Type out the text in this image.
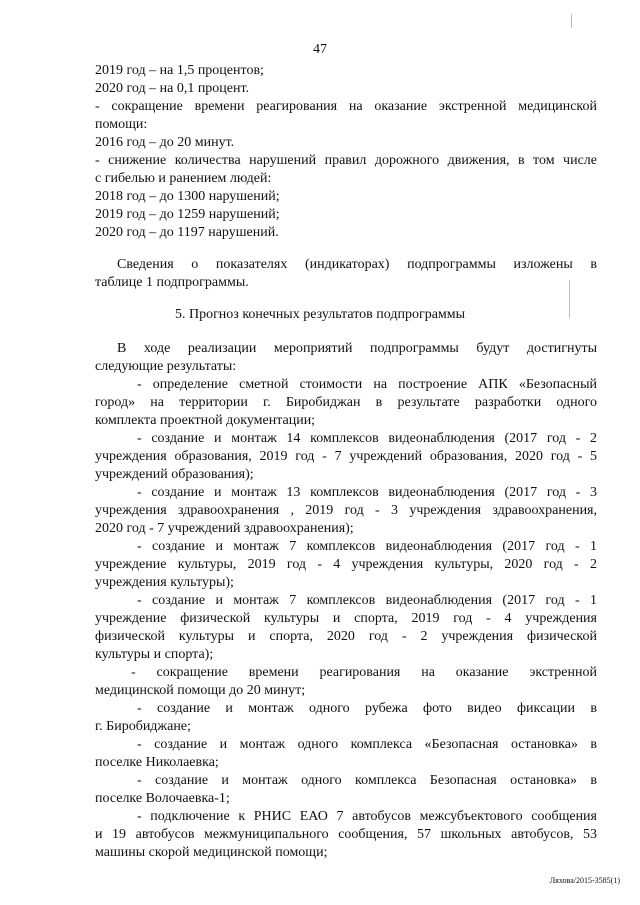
47
2019 год – на 1,5 процентов;
2020 год – на 0,1 процент.
- сокращение времени реагирования на оказание экстренной медицинской
помощи:
2016 год – до 20 минут.
- снижение количества нарушений правил дорожного движения, в том числе
с гибелью и ранением людей:
2018 год – до 1300 нарушений;
2019 год – до 1259 нарушений;
2020 год – до 1197 нарушений.
Сведения о показателях (индикаторах) подпрограммы изложены в
таблице 1 подпрограммы.
5. Прогноз конечных результатов подпрограммы
В ходе реализации мероприятий подпрограммы будут достигнуты
следующие результаты:
- определение сметной стоимости на построение АПК «Безопасный
город» на территории г. Биробиджан в результате разработки одного
комплекта проектной документации;
- создание и монтаж 14 комплексов видеонаблюдения (2017 год - 2
учреждения образования, 2019 год - 7 учреждений образования, 2020 год - 5
учреждений образования);
- создание и монтаж 13 комплексов видеонаблюдения (2017 год - 3
учреждения здравоохранения , 2019 год - 3 учреждения здравоохранения,
2020 год - 7 учреждений здравоохранения);
- создание и монтаж 7 комплексов видеонаблюдения (2017 год - 1
учреждение культуры, 2019 год - 4 учреждения культуры, 2020 год - 2
учреждения культуры);
- создание и монтаж 7 комплексов видеонаблюдения (2017 год - 1
учреждение физической культуры и спорта, 2019 год - 4 учреждения
физической культуры и спорта, 2020 год - 2 учреждения физической
культуры и спорта);
- сокращение времени реагирования на оказание экстренной
медицинской помощи до 20 минут;
- создание и монтаж одного рубежа фото видео фиксации в
г. Биробиджане;
- создание и монтаж одного комплекса «Безопасная остановка» в
поселке Николаевка;
- создание и монтаж одного комплекса Безопасная остановка» в
поселке Волочаевка-1;
- подключение к РНИС ЕАО 7 автобусов межсубъектового сообщения
и 19 автобусов межмуниципального сообщения, 57 школьных автобусов, 53
машины скорой медицинской помощи;
Ляхова/2015-3585(1)
